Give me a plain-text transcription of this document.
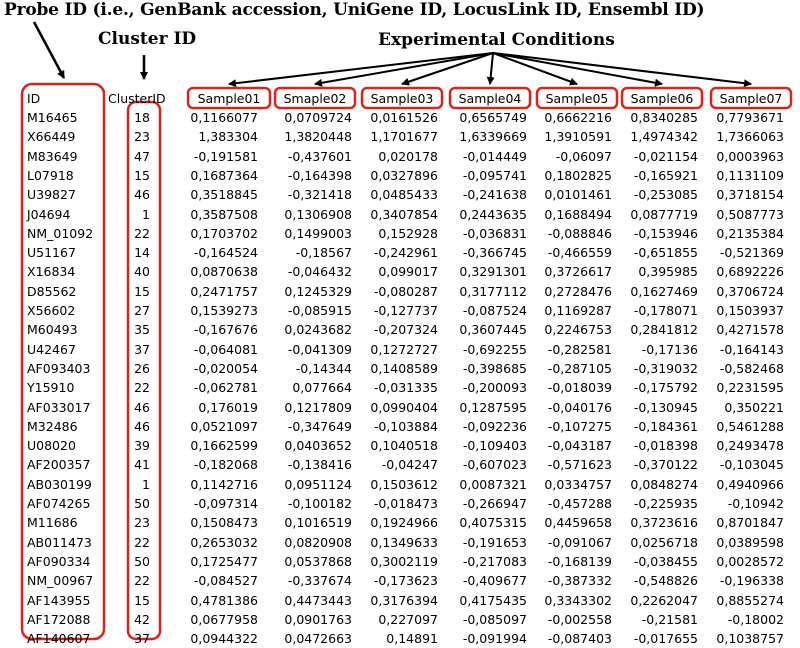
Probe ID (i.e., GenBank accession, UniGene ID, LocusLink ID, Ensembl ID)
Cluster ID	Experimental Conditions
ID	ClusterID	Sample01	Smaple02	Sample03	Sample04	Sample05	Sample06	Sample07
M16465	18	0,1166077	0,0709724	0,0161526	0,6565749	0,6662216	0,8340285	0,7793671
X66449	23	1,383304	1,3820448	1,1701677	1,6339669	1,3910591	1,4974342	1,7366063
M83649	47	-0,191581	-0,437601	0,020178	-0,014449	-0,06097	-0,021154	0,0003963
L07918	15	0,1687364	-0,164398	0,0327896	-0,095741	0,1802825	-0,165921	0,1131109
U39827	46	0,3518845	-0,321418	0,0485433	-0,241638	0,0101461	-0,253085	0,3718154
J04694	1	0,3587508	0,1306908	0,3407854	0,2443635	0,1688494	0,0877719	0,5087773
NM_01092	22	0,1703702	0,1499003	0,152928	-0,036831	-0,088846	-0,153946	0,2135384
U51167	14	-0,164524	-0,18567	-0,242961	-0,366745	-0,466559	-0,651855	-0,521369
X16834	40	0,0870638	-0,046432	0,099017	0,3291301	0,3726617	0,395985	0,6892226
D85562	15	0,2471757	0,1245329	-0,080287	0,3177112	0,2728476	0,1627469	0,3706724
X56602	27	0,1539273	-0,085915	-0,127737	-0,087524	0,1169287	-0,178071	0,1503937
M60493	35	-0,167676	0,0243682	-0,207324	0,3607445	0,2246753	0,2841812	0,4271578
U42467	37	-0,064081	-0,041309	0,1272727	-0,692255	-0,282581	-0,17136	-0,164143
AF093403	26	-0,020054	-0,14344	0,1408589	-0,398685	-0,287105	-0,319032	-0,582468
Y15910	22	-0,062781	0,077664	-0,031335	-0,200093	-0,018039	-0,175792	0,2231595
AF033017	46	0,176019	0,1217809	0,0990404	0,1287595	-0,040176	-0,130945	0,350221
M32486	46	0,0521097	-0,347649	-0,103884	-0,092236	-0,107275	-0,184361	0,5461288
U08020	39	0,1662599	0,0403652	0,1040518	-0,109403	-0,043187	-0,018398	0,2493478
AF200357	41	-0,182068	-0,138416	-0,04247	-0,607023	-0,571623	-0,370122	-0,103045
AB030199	1	0,1142716	0,0951124	0,1503612	0,0087321	0,0334757	0,0848274	0,4940966
AF074265	50	-0,097314	-0,100182	-0,018473	-0,266947	-0,457288	-0,225935	-0,10942
M11686	23	0,1508473	0,1016519	0,1924966	0,4075315	0,4459658	0,3723616	0,8701847
AB011473	22	0,2653032	0,0820908	0,1349633	-0,191653	-0,091067	0,0256718	0,0389598
AF090334	50	0,1725477	0,0537868	0,3002119	-0,217083	-0,168139	-0,038455	0,0028572
NM_00967	22	-0,084527	-0,337674	-0,173623	-0,409677	-0,387332	-0,548826	-0,196338
AF143955	15	0,4781386	0,4473443	0,3176394	0,4175435	0,3343302	0,2262047	0,8855274
AF172088	42	0,0677958	0,0901763	0,227097	-0,085097	-0,002558	-0,21581	-0,18002
AF140607	37	0,0944322	0,0472663	0,14891	-0,091994	-0,087403	-0,017655	0,1038757
